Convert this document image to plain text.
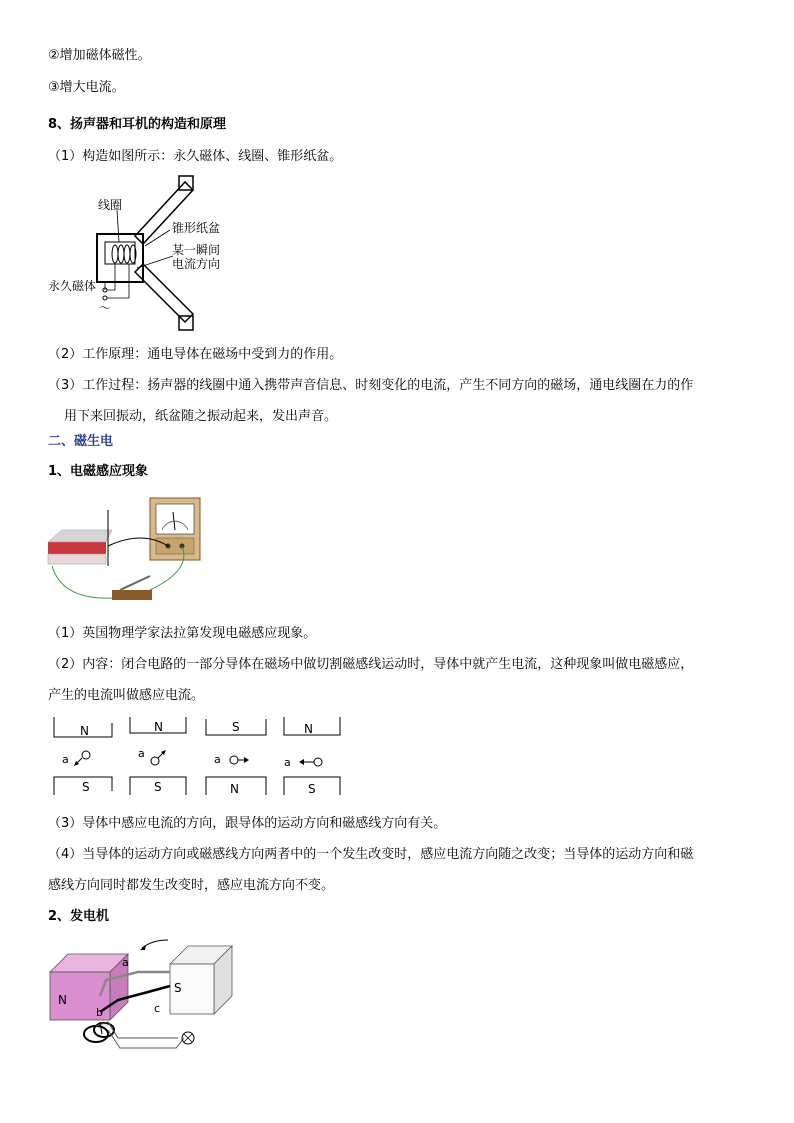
②增加磁体磁性。
③增大电流。
8、扬声器和耳机的构造和原理
（1）构造如图所示：永久磁体、线圈、锥形纸盆。
线圈
锥形纸盆
某一瞬间
电流方向
永久磁体
～
（2）工作原理：通电导体在磁场中受到力的作用。
（3）工作过程：扬声器的线圈中通入携带声音信息、时刻变化的电流，产生不同方向的磁场，通电线圈在力的作
用下来回振动，纸盆随之振动起来，发出声音。
二、磁生电
1、电磁感应现象
（1）英国物理学家法拉第发现电磁感应现象。
（2）内容：闭合电路的一部分导体在磁场中做切割磁感线运动时，导体中就产生电流，这种现象叫做电磁感应，
产生的电流叫做感应电流。
N
S
a
N
S
a
S
N
a
N
S
a
（3）导体中感应电流的方向，跟导体的运动方向和磁感线方向有关。
（4）当导体的运动方向或磁感线方向两者中的一个发生改变时，感应电流方向随之改变；当导体的运动方向和磁
感线方向同时都发生改变时，感应电流方向不变。
2、发电机
N
S
a
b	c
